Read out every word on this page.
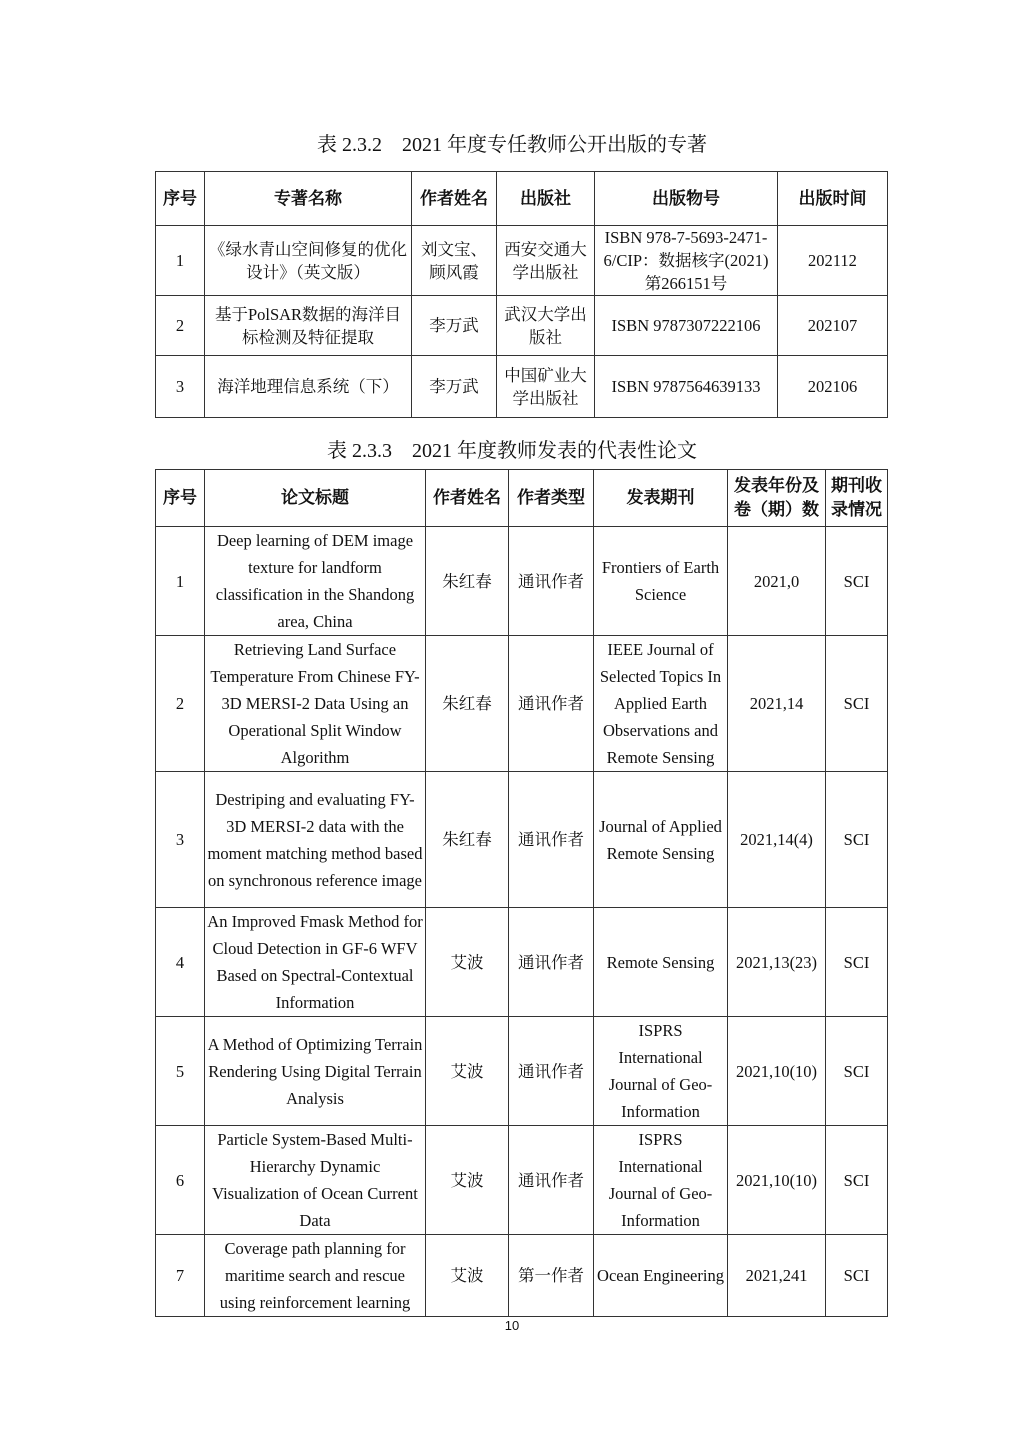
表 2.3.2　2021 年度专任教师公开出版的专著
序号	专著名称	作者姓名	出版社	出版物号	出版时间
1	《绿水青山空间修复的优化设计》（英文版）	刘文宝、顾风霞	西安交通大学出版社	ISBN 978-7-5693-2471-6/CIP：数据核字(2021)第266151号	202112
2	基于PolSAR数据的海洋目标检测及特征提取	李万武	武汉大学出版社	ISBN 9787307222106	202107
3	海洋地理信息系统（下）	李万武	中国矿业大学出版社	ISBN 9787564639133	202106
表 2.3.3　2021 年度教师发表的代表性论文
序号	论文标题	作者姓名	作者类型	发表期刊	发表年份及卷（期）数	期刊收录情况
1	Deep learning of DEM image texture for landform classification in the Shandong area, China	朱红春	通讯作者	Frontiers of Earth Science	2021,0	SCI
2	Retrieving Land Surface Temperature From Chinese FY-3D MERSI-2 Data Using an Operational Split Window Algorithm	朱红春	通讯作者	IEEE Journal of Selected Topics In Applied Earth Observations and Remote Sensing	2021,14	SCI
3	Destriping and evaluating FY-3D MERSI-2 data with the moment matching method based on synchronous reference image	朱红春	通讯作者	Journal of Applied Remote Sensing	2021,14(4)	SCI
4	An Improved Fmask Method for Cloud Detection in GF-6 WFV Based on Spectral-Contextual Information	艾波	通讯作者	Remote Sensing	2021,13(23)	SCI
5	A Method of Optimizing Terrain Rendering Using Digital Terrain Analysis	艾波	通讯作者	ISPRS International Journal of Geo-Information	2021,10(10)	SCI
6	Particle System-Based Multi-Hierarchy Dynamic Visualization of Ocean Current Data	艾波	通讯作者	ISPRS International Journal of Geo-Information	2021,10(10)	SCI
7	Coverage path planning for maritime search and rescue using reinforcement learning	艾波	第一作者	Ocean Engineering	2021,241	SCI
10
